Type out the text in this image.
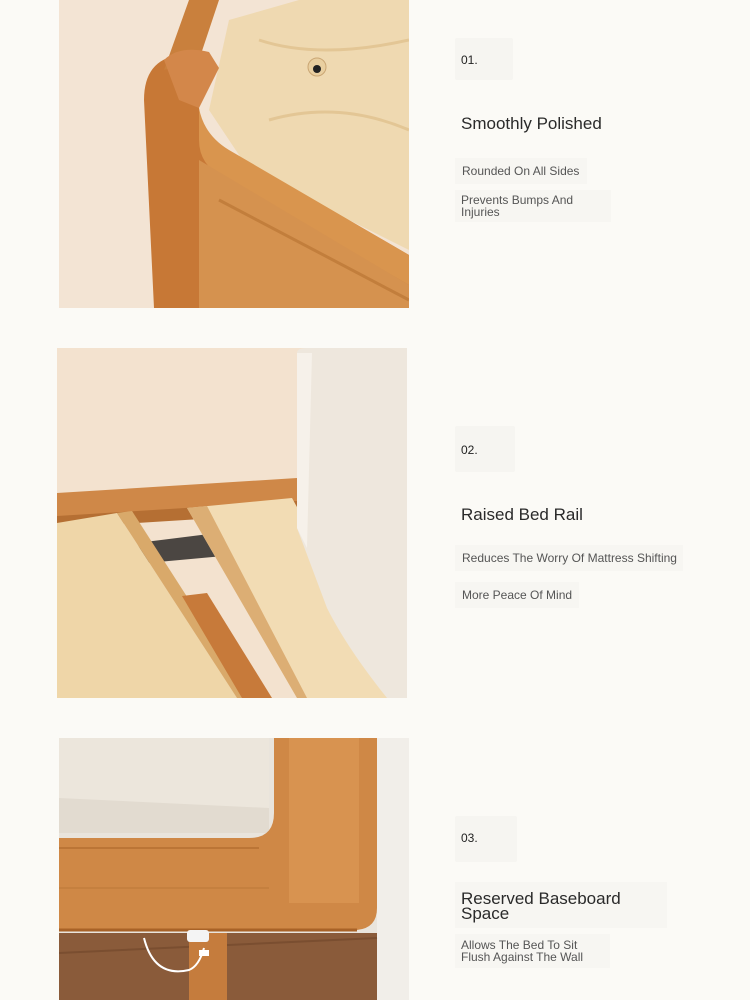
01.
Smoothly Polished
Rounded On All Sides
Prevents Bumps And Injuries
02.
Raised Bed Rail
Reduces The Worry Of Mattress Shifting
More Peace Of Mind
03.
Reserved Baseboard Space
Allows The Bed To Sit Flush Against The Wall
